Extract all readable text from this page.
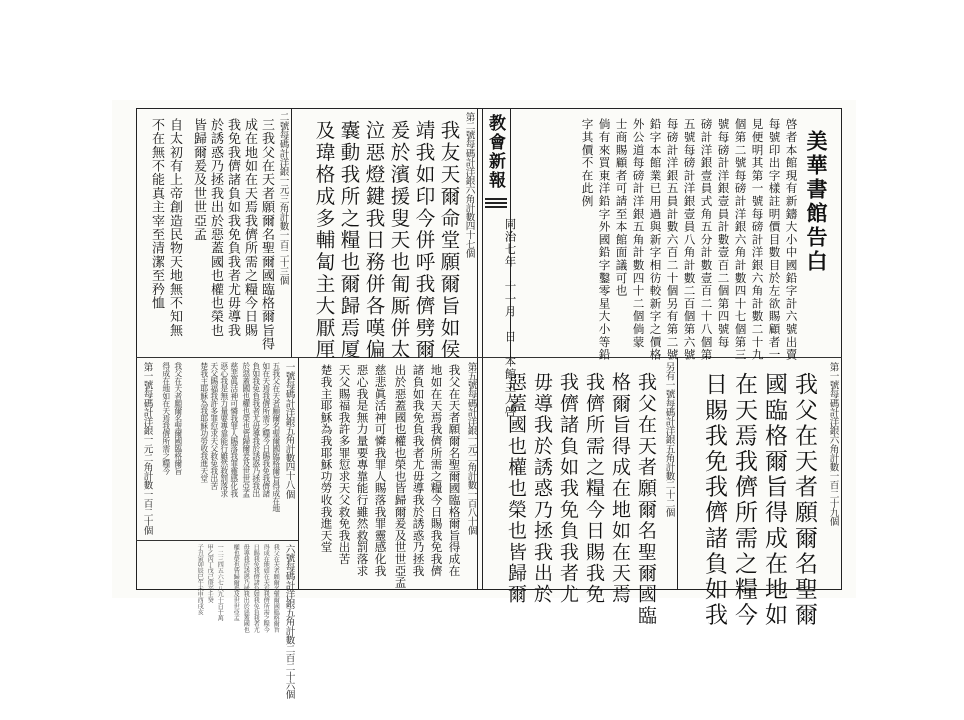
教會新報
同治七年　十一月　日　本館主人啓
美華書館告白
啓者本館現有新鑄大小中國鉛字計六號出賣
每號印出字樣註明價目數目於左欲賜顧者一
見便明其第一號每磅計洋銀六角計數二十九
個第二號每磅計洋銀六角計數四十七個第三
號每磅計洋銀壹員計數壹百二個第四號每
磅計洋銀壹員式角五分計數壹百二十八個第
五號每磅計洋銀壹員八角計數二百個第六號
每磅計洋銀五員計數六百二十個另有第二號
鉛字本館業已用過與新字相彷較新字之價格
外公道每磅計洋銀五角計數四十二個倘蒙
士商賜顧者可請至本館面議可也
倘有來買東洋鉛字外國鉛字鑿零星大小等鉛
字其價不在此例
二號每碼計洋銀一元三角計數一百二十三個	第二號每碼計洋銀六角計數四十七個
三我父在天者願爾名聖爾國臨格爾旨得
成在地如在天焉我儕所需之糧今日賜
我免我儕諸負如我免負我者尤毋導我
於誘惑乃拯我出於惡蓋國也權也榮也
皆歸爾爰及世世亞孟
自太初有上帝創造民物天地無不知無
不在無不能真主宰至清潔至矜恤	我友天爾命堂願爾旨如侯
靖我如印今併呼我儕劈爾
爰於濱援叟天也匍厮併太
泣惡燈鍵我日務併各嘆偏
囊動我所之糧也爾歸焉厦
及瑋格成多輔匐主大厭厘
一號每碼計洋銀五角計數四十八個	第五號每碼計洋銀一元二角計數一百八十個
六號每碼計洋銀五角計數二百二十六個
五我父在天者願爾名聖爾國臨格爾旨得成在地
如在天焉我儕所需之糧今日賜我免我儕諸
負如我免負我者尤毋導我於誘惑乃拯我出
於惡蓋國也權也榮也皆歸爾爰及世世亞孟
慈悲眞活神可憐我罪人賜落我罪靈感化我
惡心我是無力量要專靠能行雖然救罰落求
天父賜福我許多罪愆求天父救免我出苦
楚我主耶穌為我耶穌功勞收我進天堂	我父在天者願爾名聖爾國臨格爾旨得成在
地如在天焉我儕所需之糧今日賜我免我儕
諸負如我免負我者尤毋導我於誘惑乃拯我
出於惡蓋國也權也榮也皆歸爾爰及世世亞孟
慈悲眞活神可憐我罪人賜落我罪靈感化我
惡心我是無力量要專靠能行雖然救罰落求
天父賜福我許多罪愆求天父救免我出苦
楚我主耶穌為我耶穌功勞收我進天堂
我父在天者願爾名聖爾國臨格爾旨
得成在地如在天焉我儕所需之糧今
日賜我免我儕諸負如我免負我者尤
毋導我於誘惑乃拯我出於惡蓋國也
權也榮也皆歸爾爰及世世亞孟
一二三四五六七八九十百千萬
甲乙丙丁戊己庚辛壬癸
子丑寅卯辰巳午未申酉戌亥
我父在天者願爾名聖爾國臨格爾旨
得成在地如在天焉我儕所需之糧今
第一號每碼計洋銀一元二角計數一百二十個	另有一號每碼計洋銀五角計數二十二個	第一號每碼計洋銀六角計數一百二十九個
我父在天者願爾名聖爾國臨
格爾旨得成在地如在天焉
我儕所需之糧今日賜我免
我儕諸負如我免負我者尤
毋導我於誘惑乃拯我出於
惡蓋國也權也榮也皆歸爾	我父在天者願爾名聖爾
國臨格爾旨得成在地如
在天焉我儕所需之糧今
日賜我免我儕諸負如我
